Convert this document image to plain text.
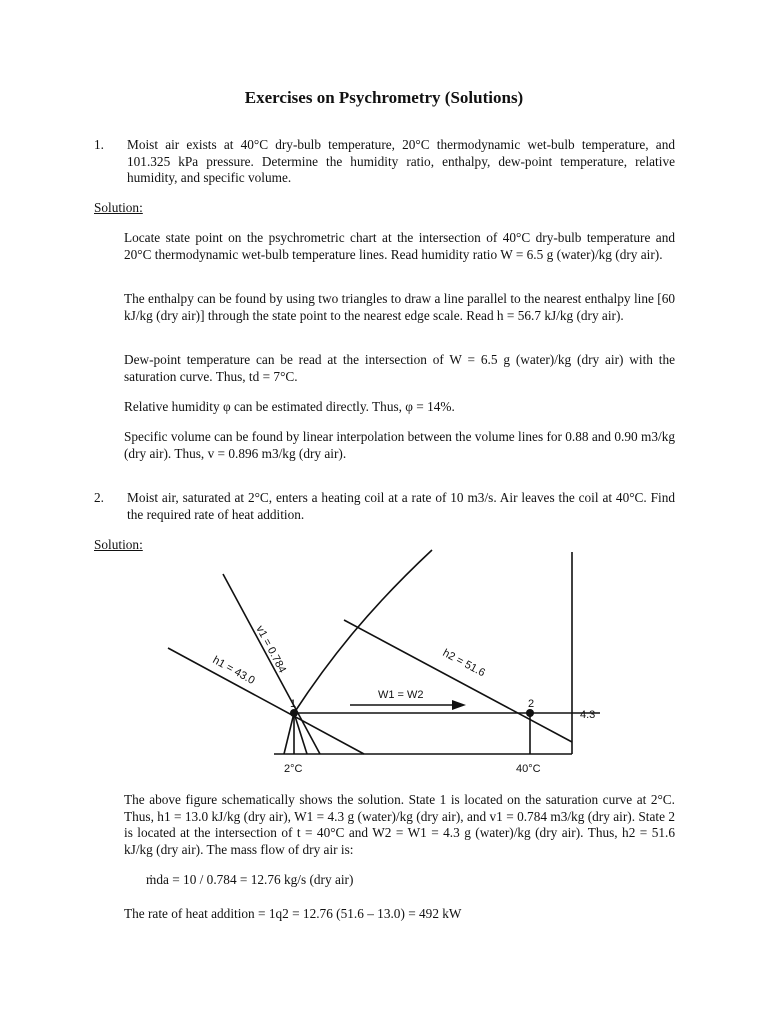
Exercises on Psychrometry (Solutions)
1. Moist air exists at 40°C dry-bulb temperature, 20°C thermodynamic wet-bulb temperature, and 101.325 kPa pressure. Determine the humidity ratio, enthalpy, dew-point temperature, relative humidity, and specific volume.
Solution:
Locate state point on the psychrometric chart at the intersection of 40°C dry-bulb temperature and 20°C thermodynamic wet-bulb temperature lines. Read humidity ratio W = 6.5 g (water)/kg (dry air).
The enthalpy can be found by using two triangles to draw a line parallel to the nearest enthalpy line [60 kJ/kg (dry air)] through the state point to the nearest edge scale. Read h = 56.7 kJ/kg (dry air).
Dew-point temperature can be read at the intersection of W = 6.5 g (water)/kg (dry air) with the saturation curve. Thus, td = 7°C.
Relative humidity φ can be estimated directly. Thus, φ = 14%.
Specific volume can be found by linear interpolation between the volume lines for 0.88 and 0.90 m3/kg (dry air). Thus, v = 0.896 m3/kg (dry air).
2. Moist air, saturated at 2°C, enters a heating coil at a rate of 10 m3/s. Air leaves the coil at 40°C. Find the required rate of heat addition.
Solution:
v1 = 0.784
h1 = 43.0	h2 = 51.6
W1 = W2
1	2
4.3
2°C	40°C
The above figure schematically shows the solution. State 1 is located on the saturation curve at 2°C. Thus, h1 = 13.0 kJ/kg (dry air), W1 = 4.3 g (water)/kg (dry air), and v1 = 0.784 m3/kg (dry air). State 2 is located at the intersection of t = 40°C and W2 = W1 = 4.3 g (water)/kg (dry air). Thus, h2 = 51.6 kJ/kg (dry air). The mass flow of dry air is:
ṁda = 10 / 0.784 = 12.76 kg/s (dry air)
The rate of heat addition = 1q2 = 12.76 (51.6 – 13.0) = 492 kW
